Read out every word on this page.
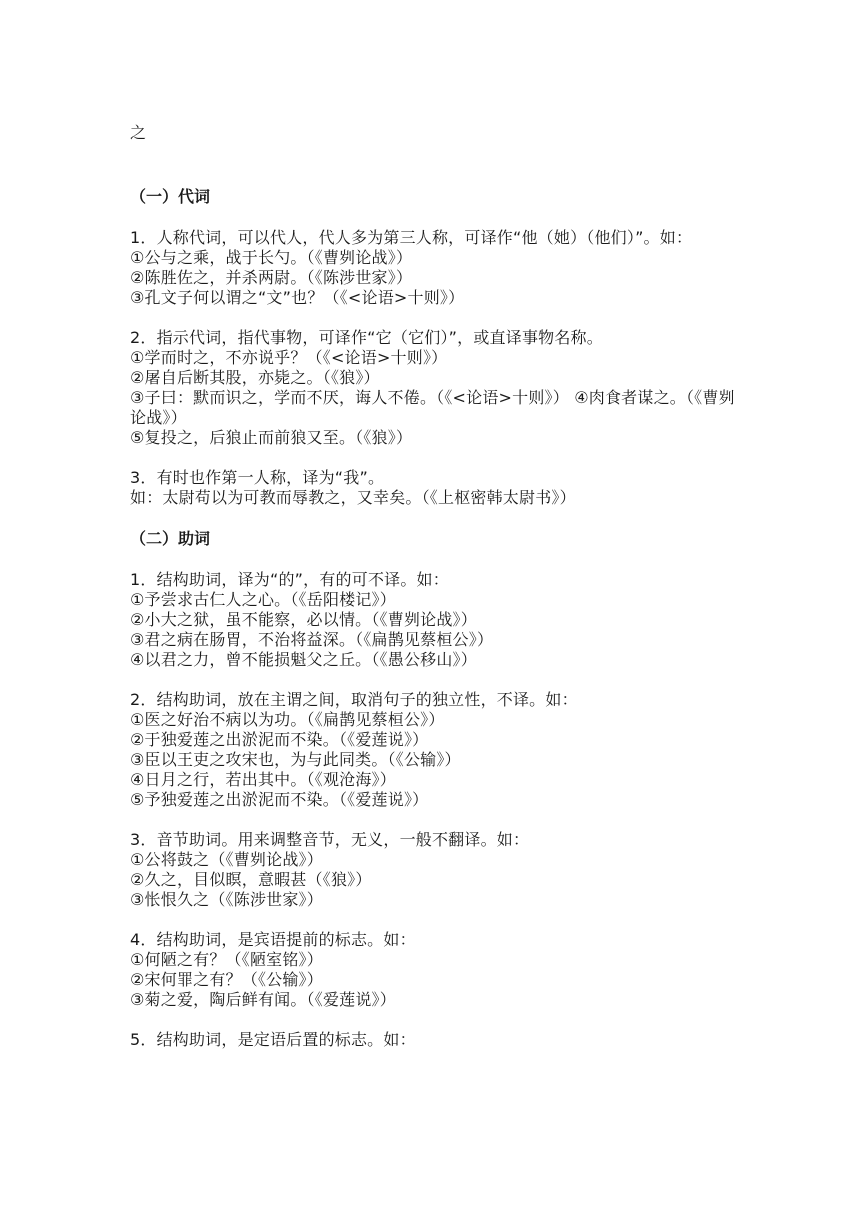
之
（一）代词
1．人称代词，可以代人，代人多为第三人称，可译作“他（她）（他们）”。如：
①公与之乘，战于长勺。（《曹刿论战》）
②陈胜佐之，并杀两尉。（《陈涉世家》）
③孔文子何以谓之“文”也？（《<论语>十则》）
2．指示代词，指代事物，可译作“它（它们）”，或直译事物名称。
①学而时之，不亦说乎？（《<论语>十则》）
②屠自后断其股，亦毙之。（《狼》）
③子曰：默而识之，学而不厌，诲人不倦。（《<论语>十则》） ④肉食者谋之。（《曹刿论战》）
⑤复投之，后狼止而前狼又至。（《狼》）
3．有时也作第一人称，译为“我”。
如：太尉苟以为可教而辱教之，又幸矣。（《上枢密韩太尉书》）
（二）助词
1．结构助词，译为“的”，有的可不译。如：
①予尝求古仁人之心。（《岳阳楼记》）
②小大之狱，虽不能察，必以情。（《曹刿论战》）
③君之病在肠胃，不治将益深。（《扁鹊见蔡桓公》）
④以君之力，曾不能损魁父之丘。（《愚公移山》）
2．结构助词，放在主谓之间，取消句子的独立性，不译。如：
①医之好治不病以为功。（《扁鹊见蔡桓公》）
②于独爱莲之出淤泥而不染。（《爱莲说》）
③臣以王吏之攻宋也，为与此同类。（《公输》）
④日月之行，若出其中。（《观沧海》）
⑤予独爱莲之出淤泥而不染。（《爱莲说》）
3．音节助词。用来调整音节，无义，一般不翻译。如：
①公将鼓之（《曹刿论战》）
②久之，目似瞑，意暇甚（《狼》）
③怅恨久之（《陈涉世家》）
4．结构助词，是宾语提前的标志。如：
①何陋之有？（《陋室铭》）
②宋何罪之有？（《公输》）
③菊之爱，陶后鲜有闻。（《爱莲说》）
5．结构助词，是定语后置的标志。如：
